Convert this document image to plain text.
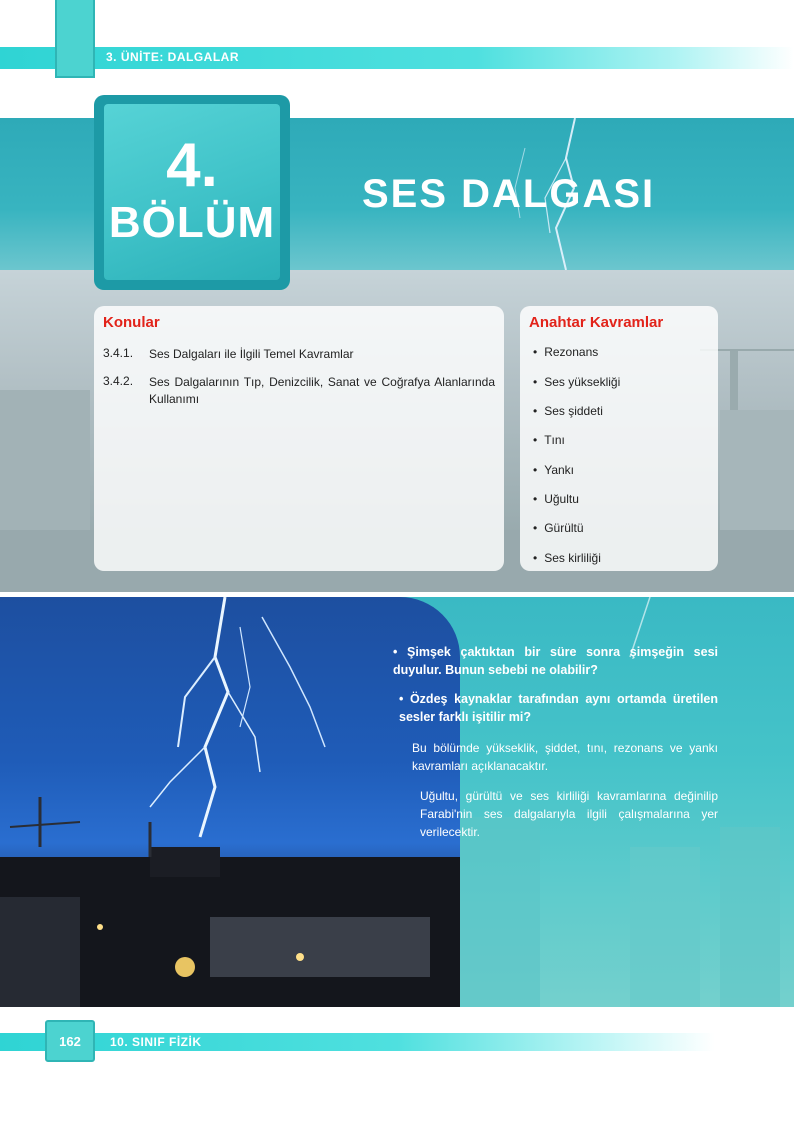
3. ÜNİTE: DALGALAR
4.
BÖLÜM
SES DALGASI
Konular
3.4.1.	Ses Dalgaları ile İlgili Temel Kavramlar
3.4.2.	Ses Dalgalarının Tıp, Denizcilik, Sanat ve Coğrafya Alanlarında Kullanımı
Anahtar Kavramlar
• Rezonans
• Ses yüksekliği
• Ses şiddeti
• Tını
• Yankı
• Uğultu
• Gürültü
• Ses kirliliği
• Şimşek çaktıktan bir süre sonra şimşeğin sesi duyulur. Bunun sebebi ne olabilir?
• Özdeş kaynaklar tarafından aynı ortamda üretilen sesler farklı işitilir mi?
Bu bölümde yükseklik, şiddet, tını, rezonans ve yankı kavramları açıklanacaktır.
Uğultu, gürültü ve ses kirliliği kavramlarına değinilip Farabi'nin ses dalgalarıyla ilgili çalışmalarına yer verilecektir.
162	10. SINIF FİZİK
